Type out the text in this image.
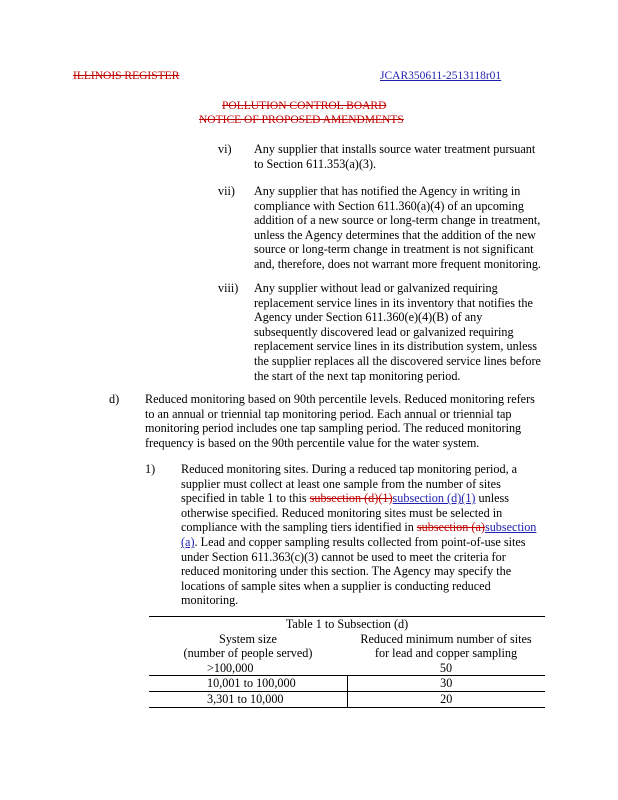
ILLINOIS REGISTER	JCAR350611-2513118r01
POLLUTION CONTROL BOARD
NOTICE OF PROPOSED AMENDMENTS
vi) Any supplier that installs source water treatment pursuant
to Section 611.353(a)(3).
vii) Any supplier that has notified the Agency in writing in
compliance with Section 611.360(a)(4) of an upcoming
addition of a new source or long-term change in treatment,
unless the Agency determines that the addition of the new
source or long-term change in treatment is not significant
and, therefore, does not warrant more frequent monitoring.
viii) Any supplier without lead or galvanized requiring
replacement service lines in its inventory that notifies the
Agency under Section 611.360(e)(4)(B) of any
subsequently discovered lead or galvanized requiring
replacement service lines in its distribution system, unless
the supplier replaces all the discovered service lines before
the start of the next tap monitoring period.
d) Reduced monitoring based on 90th percentile levels. Reduced monitoring refers
to an annual or triennial tap monitoring period. Each annual or triennial tap
monitoring period includes one tap sampling period. The reduced monitoring
frequency is based on the 90th percentile value for the water system.
1) Reduced monitoring sites. During a reduced tap monitoring period, a
supplier must collect at least one sample from the number of sites
specified in table 1 to this subsection (d)(1)subsection (d)(1) unless
otherwise specified. Reduced monitoring sites must be selected in
compliance with the sampling tiers identified in subsection (a)subsection
(a). Lead and copper sampling results collected from point-of-use sites
under Section 611.363(c)(3) cannot be used to meet the criteria for
reduced monitoring under this section. The Agency may specify the
locations of sample sites when a supplier is conducting reduced
monitoring.
Table 1 to Subsection (d)	

System size
(number of people served)	Reduced minimum number of sites
for lead and copper sampling

>100,000	50
10,001 to 100,000	30
3,301 to 10,000	20
